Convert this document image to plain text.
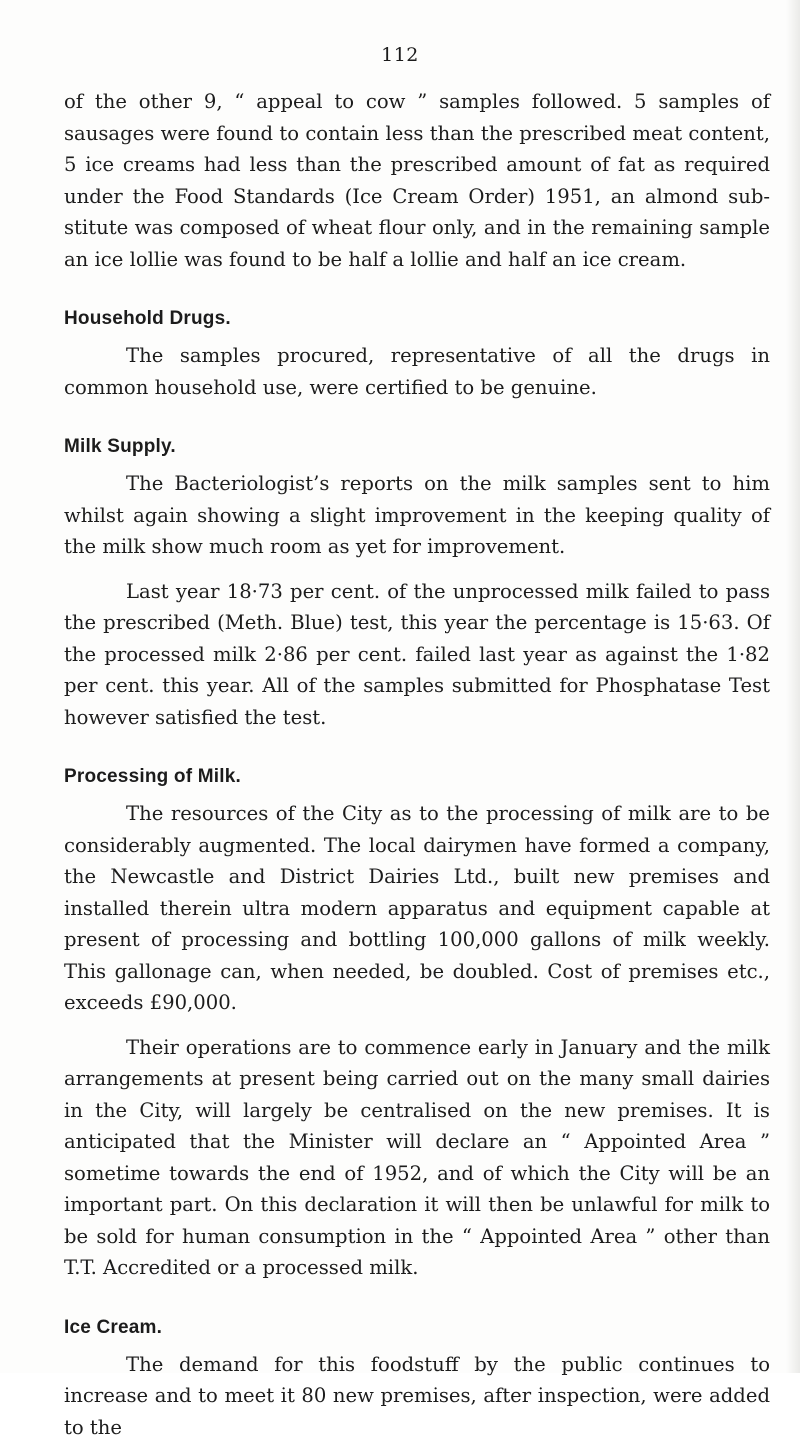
112

of the other 9, “ appeal to cow ” samples followed. 5 samples of sausages were found to contain less than the prescribed meat content, 5 ice creams had less than the prescribed amount of fat as required under the Food Standards (Ice Cream Order) 1951, an almond sub- stitute was composed of wheat flour only, and in the remaining sample an ice lollie was found to be half a lollie and half an ice cream.

Household Drugs.

The samples procured, representative of all the drugs in common household use, were certified to be genuine.

Milk Supply.

The Bacteriologist’s reports on the milk samples sent to him whilst again showing a slight improvement in the keeping quality of the milk show much room as yet for improvement.

Last year 18·73 per cent. of the unprocessed milk failed to pass the prescribed (Meth. Blue) test, this year the percentage is 15·63. Of the processed milk 2·86 per cent. failed last year as against the 1·82 per cent. this year. All of the samples submitted for Phosphatase Test however satisfied the test.

Processing of Milk.

The resources of the City as to the processing of milk are to be considerably augmented. The local dairymen have formed a company, the Newcastle and District Dairies Ltd., built new premises and installed therein ultra modern apparatus and equipment capable at present of processing and bottling 100,000 gallons of milk weekly. This gallonage can, when needed, be doubled. Cost of premises etc., exceeds £90,000.

Their operations are to commence early in January and the milk arrangements at present being carried out on the many small dairies in the City, will largely be centralised on the new premises. It is anticipated that the Minister will declare an “ Appointed Area ” sometime towards the end of 1952, and of which the City will be an important part. On this declaration it will then be unlawful for milk to be sold for human consumption in the “ Appointed Area ” other than T.T. Accredited or a processed milk.

Ice Cream.

The demand for this foodstuff by the public continues to increase and to meet it 80 new premises, after inspection, were added to the
